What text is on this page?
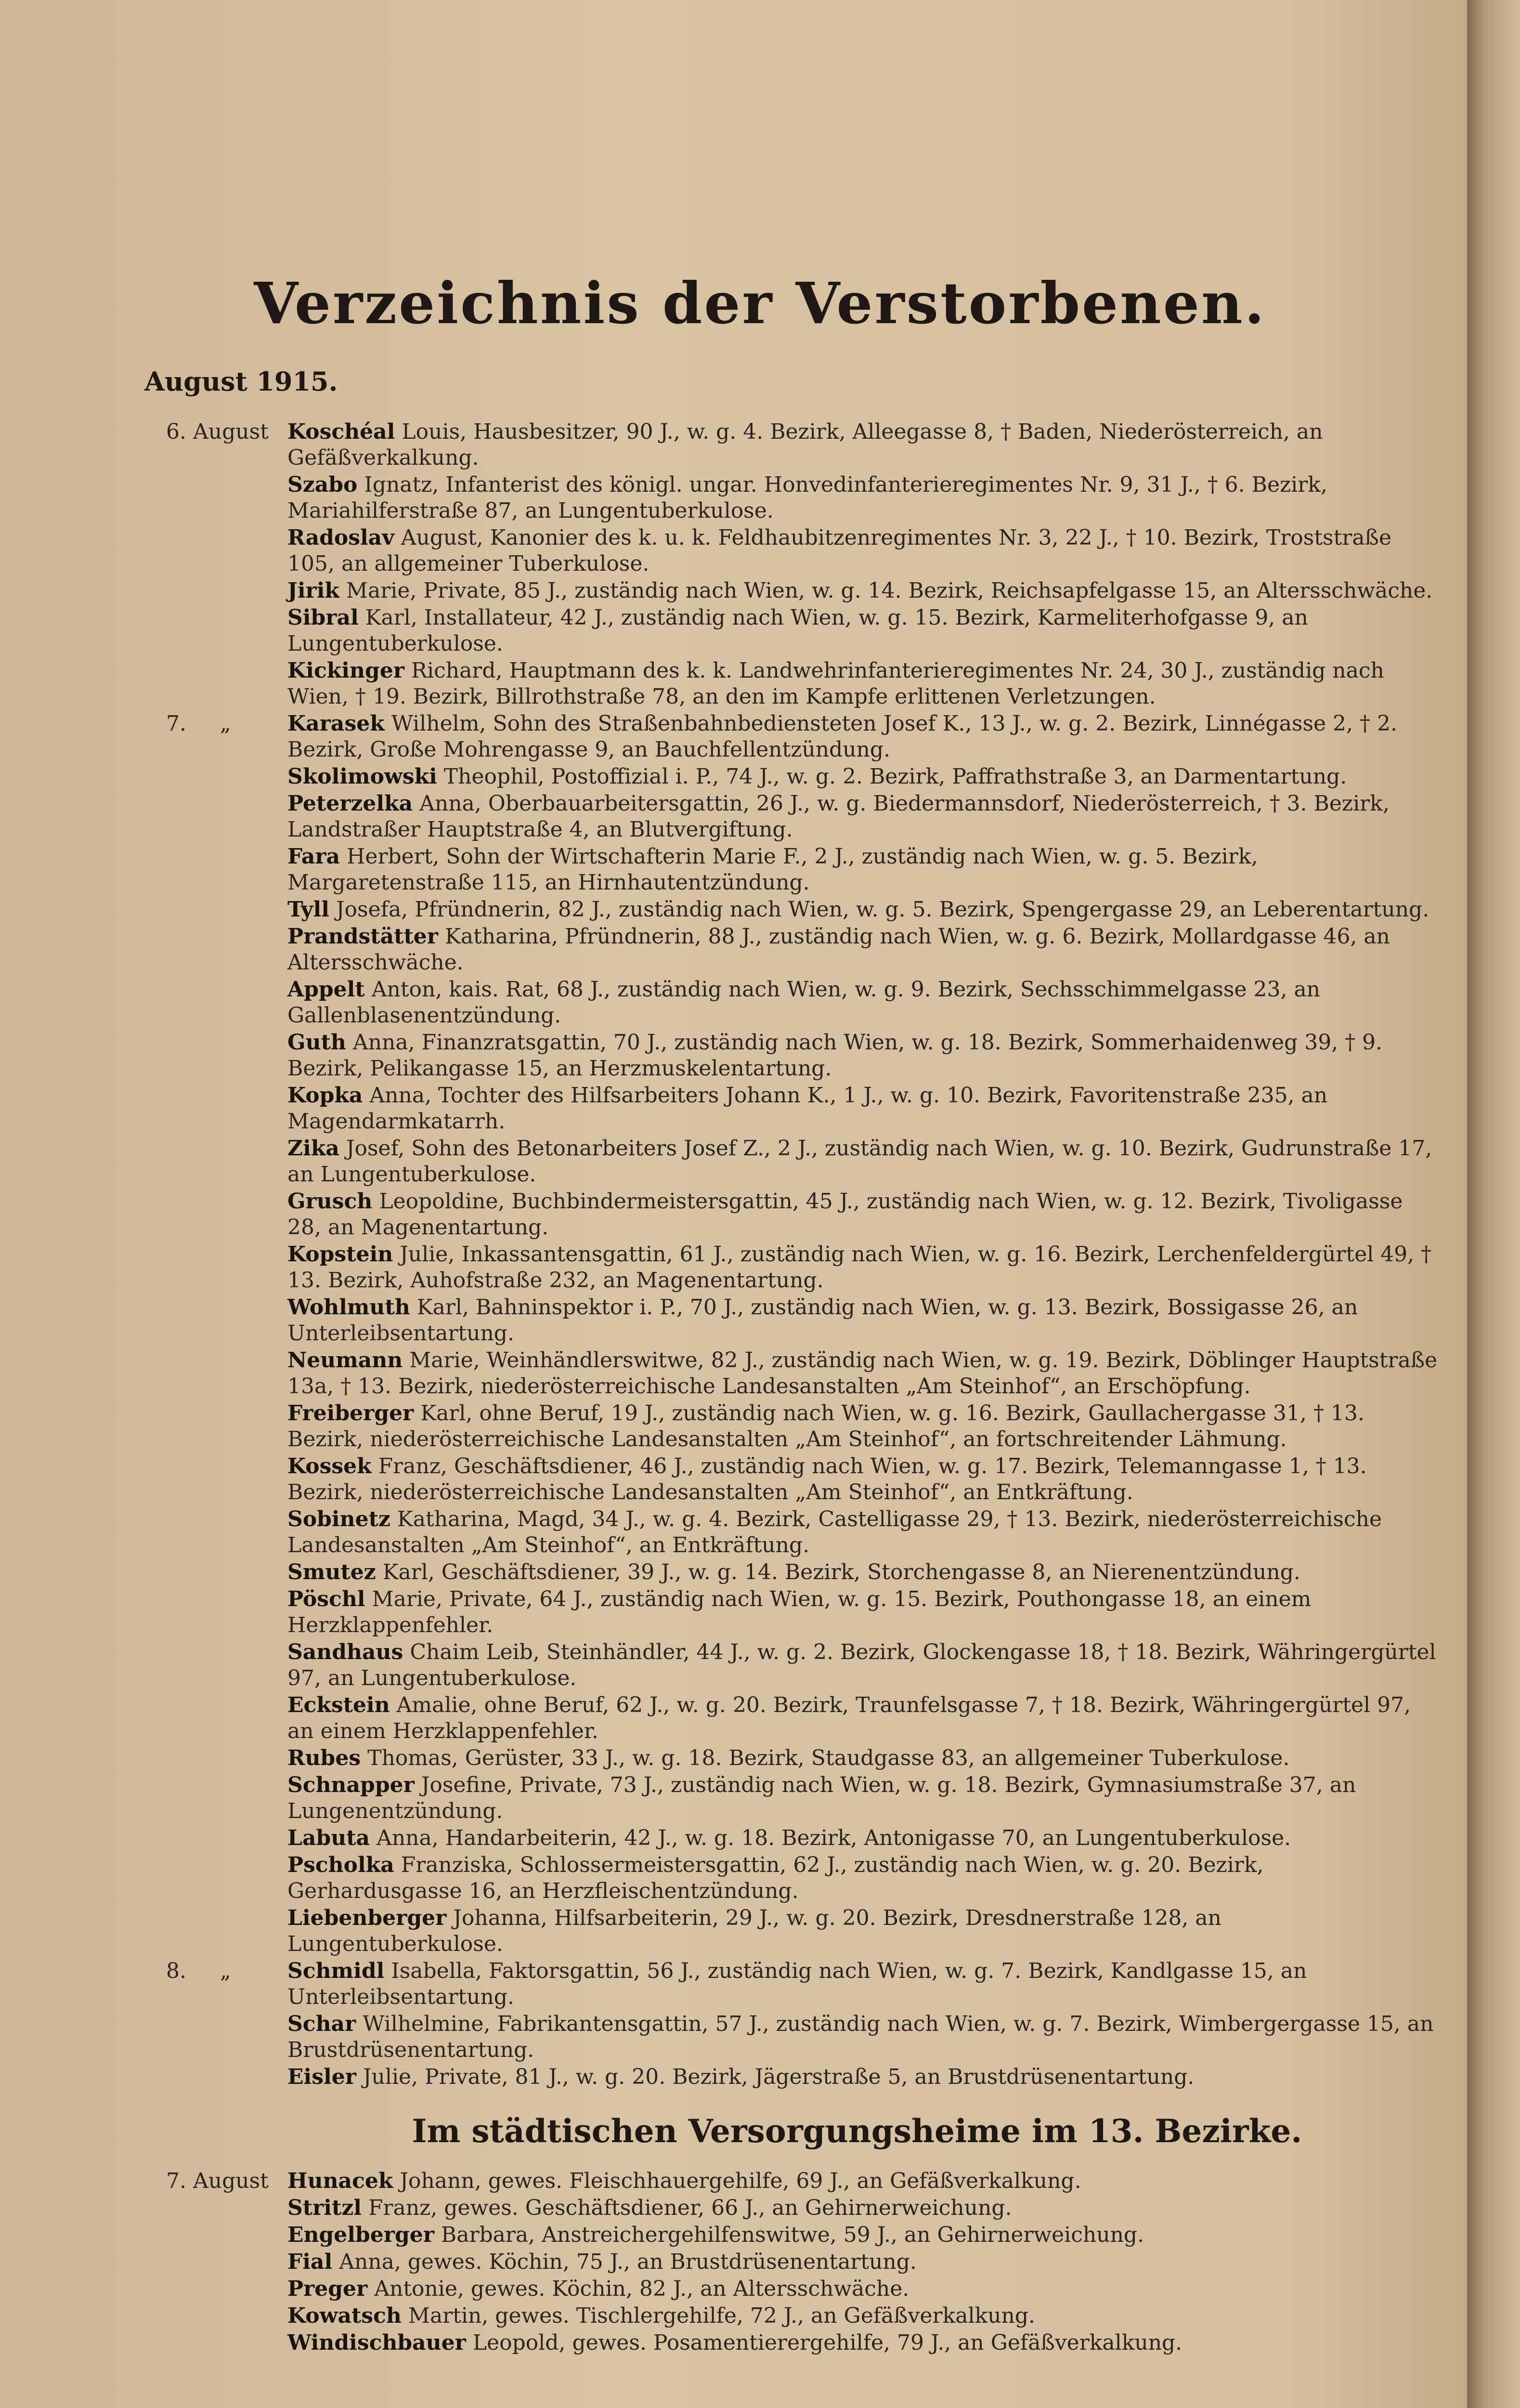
Verzeichnis der Verstorbenen.
August 1915.
6. August Koschéal Louis, Hausbesitzer, 90 J., w. g. 4. Bezirk, Alleegasse 8, † Baden, Niederösterreich, an Gefäßverkalkung.
Szabo Ignatz, Infanterist des königl. ungar. Honvedinfanterieregimentes Nr. 9, 31 J., † 6. Bezirk, Mariahilferstraße 87, an Lungentuberkulose.
Radoslav August, Kanonier des k. u. k. Feldhaubitzenregimentes Nr. 3, 22 J., † 10. Bezirk, Troststraße 105, an allgemeiner Tuberkulose.
Jirik Marie, Private, 85 J., zuständig nach Wien, w. g. 14. Bezirk, Reichsapfelgasse 15, an Altersschwäche.
Sibral Karl, Installateur, 42 J., zuständig nach Wien, w. g. 15. Bezirk, Karmeliterhofgasse 9, an Lungentuberkulose.
Kickinger Richard, Hauptmann des k. k. Landwehrinfanterieregimentes Nr. 24, 30 J., zuständig nach Wien, † 19. Bezirk, Billrothstraße 78, an den im Kampfe erlittenen Verletzungen.
7.     „	Karasek Wilhelm, Sohn des Straßenbahnbediensteten Josef K., 13 J., w. g. 2. Bezirk, Linnégasse 2, † 2. Bezirk, Große Mohrengasse 9, an Bauchfellentzündung.
Skolimowski Theophil, Postoffizial i. P., 74 J., w. g. 2. Bezirk, Paffrathstraße 3, an Darmentartung.
Peterzelka Anna, Oberbauarbeitersgattin, 26 J., w. g. Biedermannsdorf, Niederösterreich, † 3. Bezirk, Landstraßer Hauptstraße 4, an Blutvergiftung.
Fara Herbert, Sohn der Wirtschafterin Marie F., 2 J., zuständig nach Wien, w. g. 5. Bezirk, Margaretenstraße 115, an Hirnhautentzündung.
Tyll Josefa, Pfründnerin, 82 J., zuständig nach Wien, w. g. 5. Bezirk, Spengergasse 29, an Leberentartung.
Prandstätter Katharina, Pfründnerin, 88 J., zuständig nach Wien, w. g. 6. Bezirk, Mollardgasse 46, an Altersschwäche.
Appelt Anton, kais. Rat, 68 J., zuständig nach Wien, w. g. 9. Bezirk, Sechsschimmelgasse 23, an Gallenblasenentzündung.
Guth Anna, Finanzratsgattin, 70 J., zuständig nach Wien, w. g. 18. Bezirk, Sommerhaidenweg 39, † 9. Bezirk, Pelikangasse 15, an Herzmuskelentartung.
Kopka Anna, Tochter des Hilfsarbeiters Johann K., 1 J., w. g. 10. Bezirk, Favoritenstraße 235, an Magendarmkatarrh.
Zika Josef, Sohn des Betonarbeiters Josef Z., 2 J., zuständig nach Wien, w. g. 10. Bezirk, Gudrunstraße 17, an Lungentuberkulose.
Grusch Leopoldine, Buchbindermeistersgattin, 45 J., zuständig nach Wien, w. g. 12. Bezirk, Tivoligasse 28, an Magenentartung.
Kopstein Julie, Inkassantensgattin, 61 J., zuständig nach Wien, w. g. 16. Bezirk, Lerchenfeldergürtel 49, † 13. Bezirk, Auhofstraße 232, an Magenentartung.
Wohlmuth Karl, Bahninspektor i. P., 70 J., zuständig nach Wien, w. g. 13. Bezirk, Bossigasse 26, an Unterleibsentartung.
Neumann Marie, Weinhändlerswitwe, 82 J., zuständig nach Wien, w. g. 19. Bezirk, Döblinger Hauptstraße 13a, † 13. Bezirk, niederösterreichische Landesanstalten „Am Steinhof“, an Erschöpfung.
Freiberger Karl, ohne Beruf, 19 J., zuständig nach Wien, w. g. 16. Bezirk, Gaullachergasse 31, † 13. Bezirk, niederösterreichische Landesanstalten „Am Steinhof“, an fortschreitender Lähmung.
Kossek Franz, Geschäftsdiener, 46 J., zuständig nach Wien, w. g. 17. Bezirk, Telemanngasse 1, † 13. Bezirk, niederösterreichische Landesanstalten „Am Steinhof“, an Entkräftung.
Sobinetz Katharina, Magd, 34 J., w. g. 4. Bezirk, Castelligasse 29, † 13. Bezirk, niederösterreichische Landesanstalten „Am Steinhof“, an Entkräftung.
Smutez Karl, Geschäftsdiener, 39 J., w. g. 14. Bezirk, Storchengasse 8, an Nierenentzündung.
Pöschl Marie, Private, 64 J., zuständig nach Wien, w. g. 15. Bezirk, Pouthongasse 18, an einem Herzklappenfehler.
Sandhaus Chaim Leib, Steinhändler, 44 J., w. g. 2. Bezirk, Glockengasse 18, † 18. Bezirk, Währingergürtel 97, an Lungentuberkulose.
Eckstein Amalie, ohne Beruf, 62 J., w. g. 20. Bezirk, Traunfelsgasse 7, † 18. Bezirk, Währingergürtel 97, an einem Herzklappenfehler.
Rubes Thomas, Gerüster, 33 J., w. g. 18. Bezirk, Staudgasse 83, an allgemeiner Tuberkulose.
Schnapper Josefine, Private, 73 J., zuständig nach Wien, w. g. 18. Bezirk, Gymnasiumstraße 37, an Lungenentzündung.
Labuta Anna, Handarbeiterin, 42 J., w. g. 18. Bezirk, Antonigasse 70, an Lungentuberkulose.
Pscholka Franziska, Schlossermeistersgattin, 62 J., zuständig nach Wien, w. g. 20. Bezirk, Gerhardusgasse 16, an Herzfleischentzündung.
Liebenberger Johanna, Hilfsarbeiterin, 29 J., w. g. 20. Bezirk, Dresdnerstraße 128, an Lungentuberkulose.
8.     „	Schmidl Isabella, Faktorsgattin, 56 J., zuständig nach Wien, w. g. 7. Bezirk, Kandlgasse 15, an Unterleibsentartung.
Schar Wilhelmine, Fabrikantensgattin, 57 J., zuständig nach Wien, w. g. 7. Bezirk, Wimbergergasse 15, an Brustdrüsenentartung.
Eisler Julie, Private, 81 J., w. g. 20. Bezirk, Jägerstraße 5, an Brustdrüsenentartung.
Im städtischen Versorgungsheime im 13. Bezirke.
7. August Hunacek Johann, gewes. Fleischhauergehilfe, 69 J., an Gefäßverkalkung.
Stritzl Franz, gewes. Geschäftsdiener, 66 J., an Gehirnerweichung.
Engelberger Barbara, Anstreichergehilfenswitwe, 59 J., an Gehirnerweichung.
Fial Anna, gewes. Köchin, 75 J., an Brustdrüsenentartung.
Preger Antonie, gewes. Köchin, 82 J., an Altersschwäche.
Kowatsch Martin, gewes. Tischlergehilfe, 72 J., an Gefäßverkalkung.
Windischbauer Leopold, gewes. Posamentierergehilfe, 79 J., an Gefäßverkalkung.
